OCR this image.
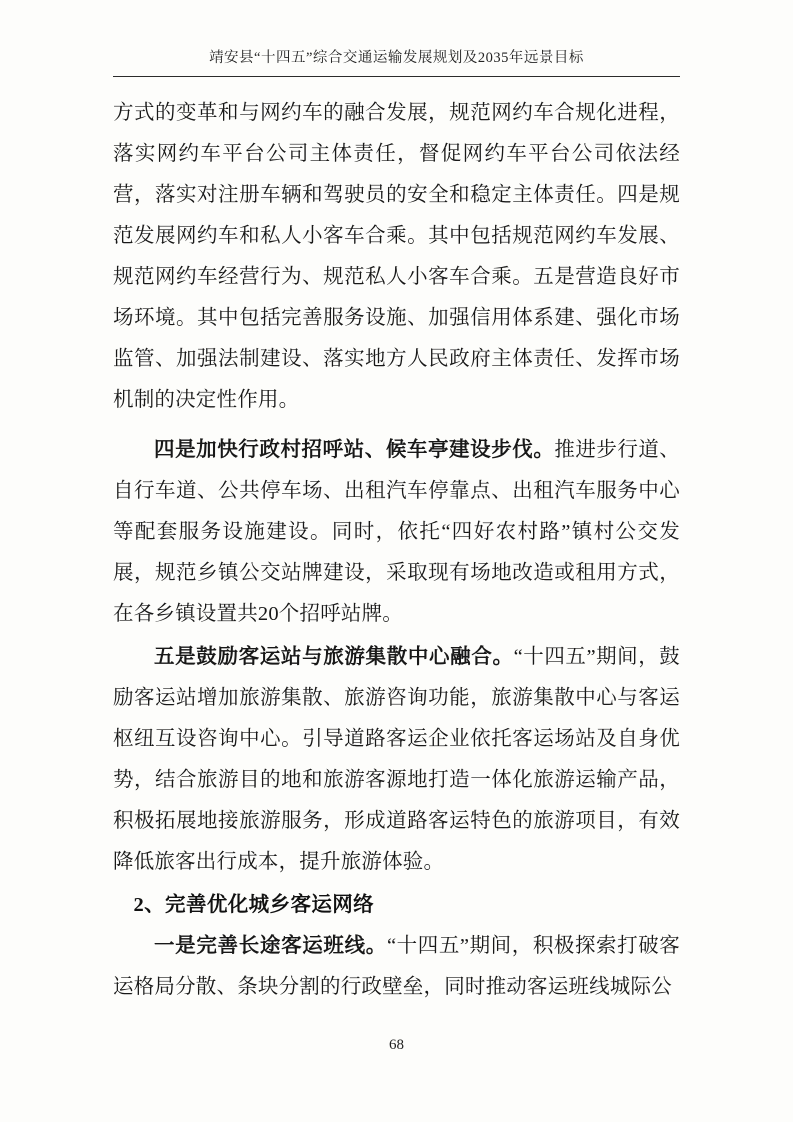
靖安县“十四五”综合交通运输发展规划及2035年远景目标

方式的变革和与网约车的融合发展，规范网约车合规化进程，落实网约车平台公司主体责任，督促网约车平台公司依法经营，落实对注册车辆和驾驶员的安全和稳定主体责任。四是规范发展网约车和私人小客车合乘。其中包括规范网约车发展、规范网约车经营行为、规范私人小客车合乘。五是营造良好市场环境。其中包括完善服务设施、加强信用体系建、强化市场监管、加强法制建设、落实地方人民政府主体责任、发挥市场机制的决定性作用。

四是加快行政村招呼站、候车亭建设步伐。推进步行道、自行车道、公共停车场、出租汽车停靠点、出租汽车服务中心等配套服务设施建设。同时，依托“四好农村路”镇村公交发展，规范乡镇公交站牌建设，采取现有场地改造或租用方式，在各乡镇设置共20个招呼站牌。

五是鼓励客运站与旅游集散中心融合。“十四五”期间，鼓励客运站增加旅游集散、旅游咨询功能，旅游集散中心与客运枢纽互设咨询中心。引导道路客运企业依托客运场站及自身优势，结合旅游目的地和旅游客源地打造一体化旅游运输产品，积极拓展地接旅游服务，形成道路客运特色的旅游项目，有效降低旅客出行成本，提升旅游体验。

2、完善优化城乡客运网络

一是完善长途客运班线。“十四五”期间，积极探索打破客运格局分散、条块分割的行政壁垒，同时推动客运班线城际公

68
